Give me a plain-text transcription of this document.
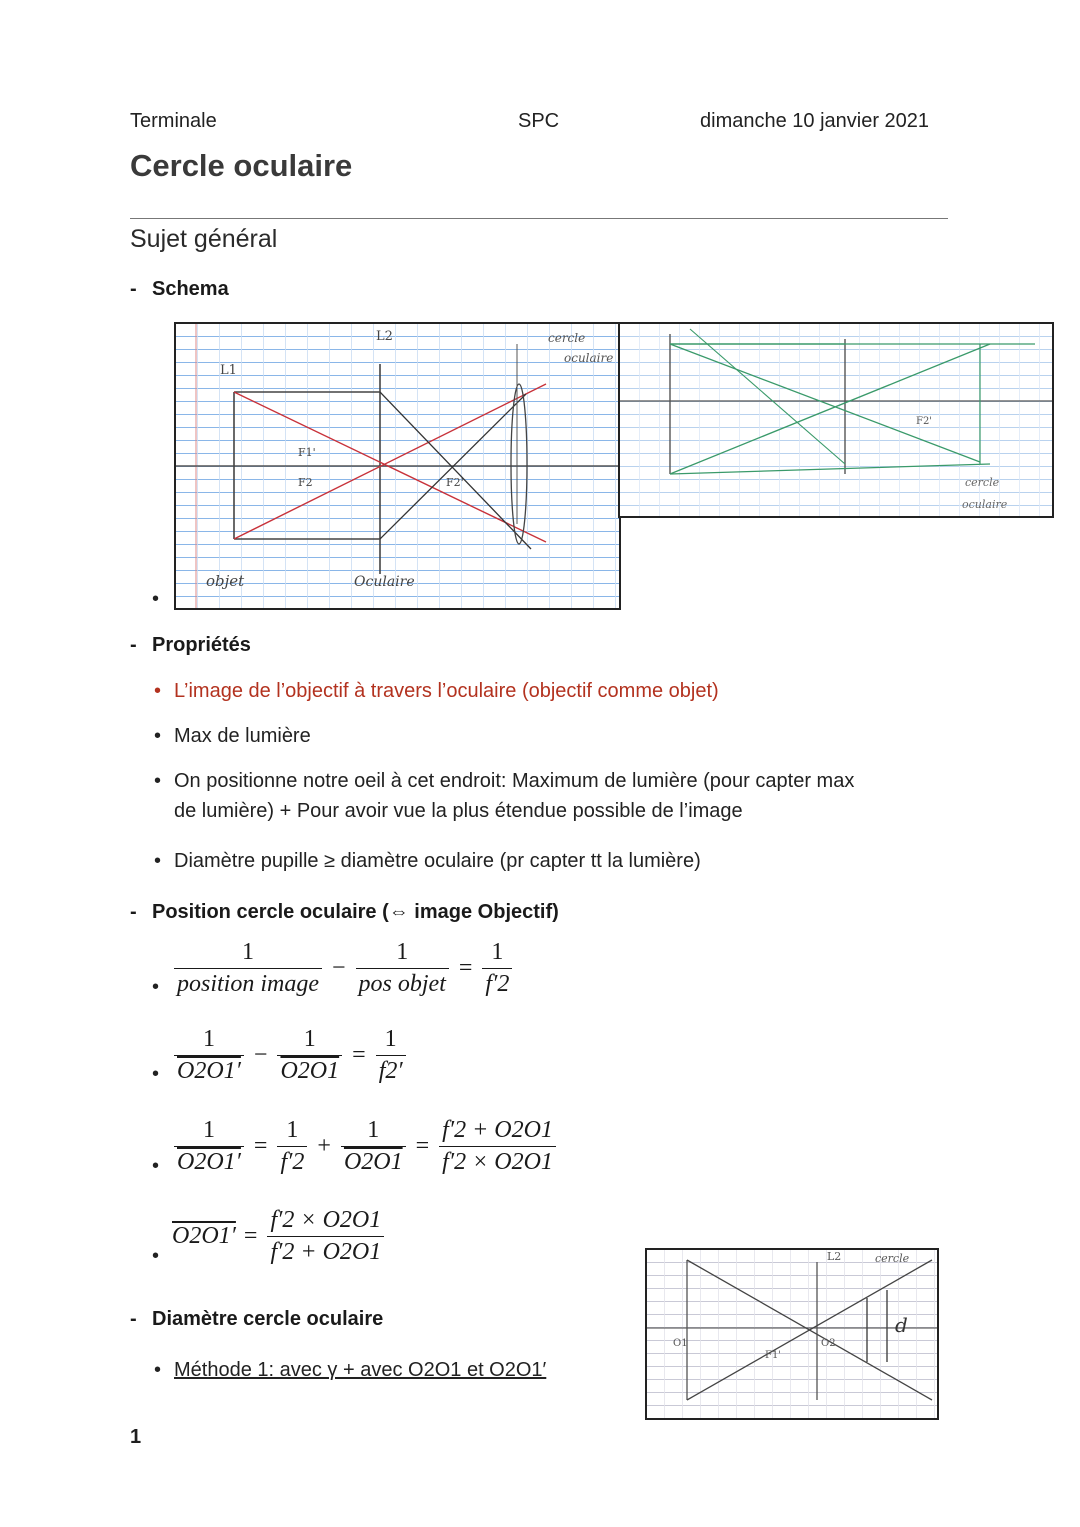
Terminale	SPC	dimanche 10 janvier 2021
Cercle oculaire
Sujet général
- Schema
•
L1
L2
F1'
F2	F2'
objet	Oculaire
cercle
oculaire
F2'
cercle
oculaire
- Propriétés
• L’image de l’objectif à travers l’oculaire (objectif comme objet)
• Max de lumière
• On positionne notre oeil à cet endroit: Maximum de lumière (pour capter max
de lumière) + Pour avoir vue la plus étendue possible de l’image
• Diamètre pupille ≥ diamètre oculaire (pr capter tt la lumière)
- Position cercle oculaire (⇔ image Objectif)
• $\frac{1}{\text{position image}} - \frac{1}{\text{pos objet}} = \frac{1}{f'2}$
• $\frac{1}{O2O1'} - \frac{1}{O2O1} = \frac{1}{f2'}$
• $\frac{1}{O2O1'} = \frac{1}{f'2} + \frac{1}{O2O1} = \frac{f'2 + O2O1}{f'2 \times O2O1}$
•
$O2O1' = \frac{f'2 \times O2O1}{f'2 + O2O1}$
- Diamètre cercle oculaire
• Méthode 1: avec γ + avec O2O1 et O2O1′
L2	cercle
d
F1'
O2
O1
1
